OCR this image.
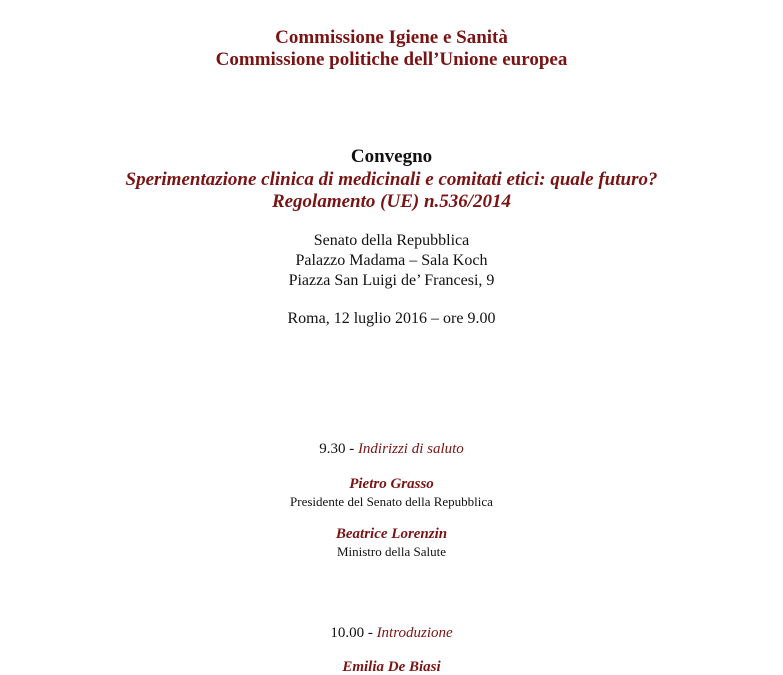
Commissione Igiene e Sanità
Commissione politiche dell’Unione europea
Convegno
Sperimentazione clinica di medicinali e comitati etici: quale futuro?
Regolamento (UE) n.536/2014
Senato della Repubblica
Palazzo Madama – Sala Koch
Piazza San Luigi de’ Francesi, 9
Roma, 12 luglio 2016 – ore 9.00
9.30 - Indirizzi di saluto
Pietro Grasso
Presidente del Senato della Repubblica
Beatrice Lorenzin
Ministro della Salute
10.00 - Introduzione
Emilia De Biasi
